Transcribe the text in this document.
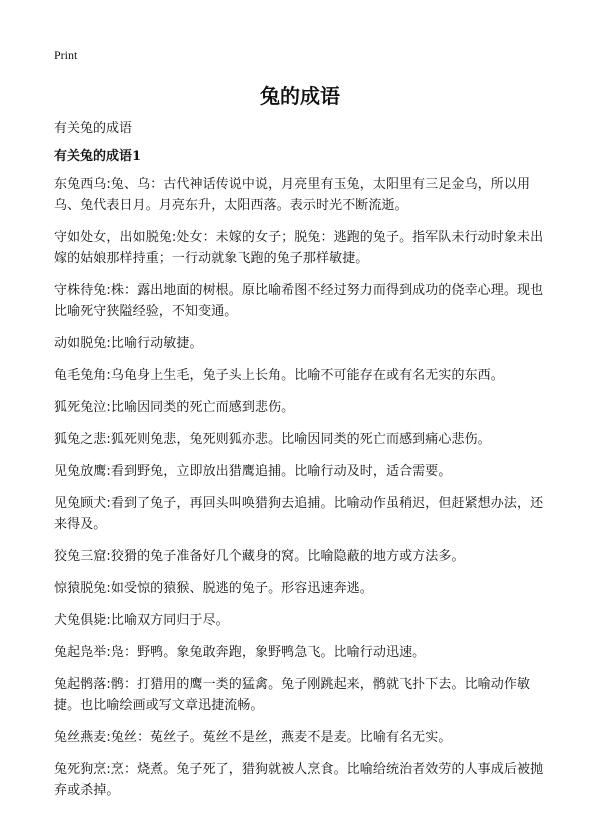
Print
兔的成语

有关兔的成语

有关兔的成语1

东兔西乌:兔、乌：古代神话传说中说，月亮里有玉兔，太阳里有三足金乌，所以用乌、兔代表日月。月亮东升，太阳西落。表示时光不断流逝。

守如处女，出如脱兔:处女：未嫁的女子；脱兔：逃跑的兔子。指军队未行动时象未出嫁的姑娘那样持重；一行动就象飞跑的兔子那样敏捷。

守株待兔:株：露出地面的树根。原比喻希图不经过努力而得到成功的侥幸心理。现也比喻死守狭隘经验，不知变通。

动如脱兔:比喻行动敏捷。

龟毛兔角:乌龟身上生毛，兔子头上长角。比喻不可能存在或有名无实的东西。

狐死兔泣:比喻因同类的死亡而感到悲伤。

狐兔之悲:狐死则兔悲，兔死则狐亦悲。比喻因同类的死亡而感到痛心悲伤。

见兔放鹰:看到野兔，立即放出猎鹰追捕。比喻行动及时，适合需要。

见兔顾犬:看到了兔子，再回头叫唤猎狗去追捕。比喻动作虽稍迟，但赶紧想办法，还来得及。

狡兔三窟:狡猾的兔子准备好几个藏身的窝。比喻隐蔽的地方或方法多。

惊猿脱兔:如受惊的猿猴、脱逃的兔子。形容迅速奔逃。

犬兔俱毙:比喻双方同归于尽。

兔起凫举:凫：野鸭。象兔敢奔跑，象野鸭急飞。比喻行动迅速。

兔起鹘落:鹘：打猎用的鹰一类的猛禽。兔子刚跳起来，鹘就飞扑下去。比喻动作敏捷。也比喻绘画或写文章迅捷流畅。

兔丝燕麦:兔丝：菟丝子。菟丝不是丝，燕麦不是麦。比喻有名无实。

兔死狗烹:烹：烧煮。兔子死了，猎狗就被人烹食。比喻给统治者效劳的人事成后被抛弃或杀掉。
